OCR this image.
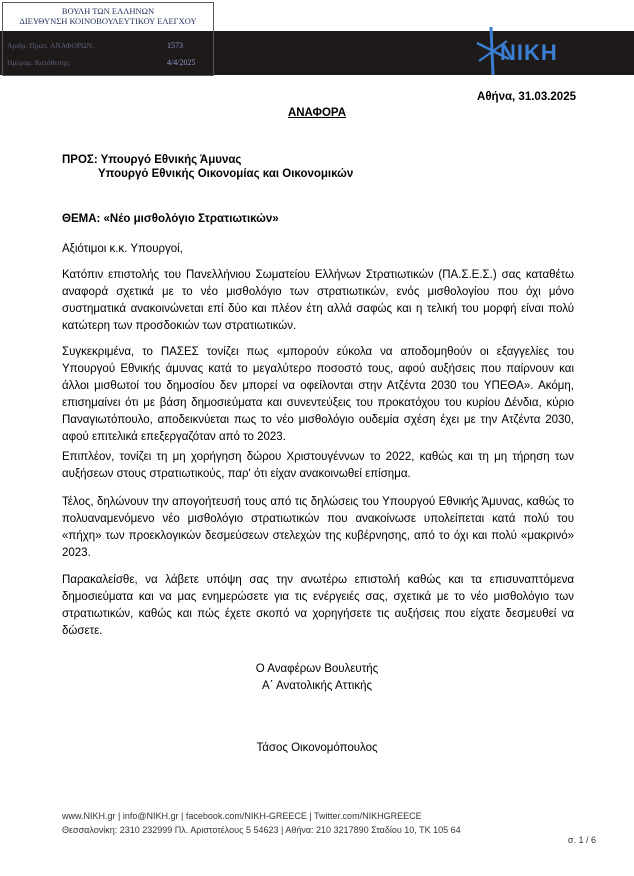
ΒΟΥΛΗ ΤΩΝ ΕΛΛΗΝΩΝ
ΔΙΕΥΘΥΝΣΗ ΚΟΙΝΟΒΟΥΛΕΥΤΙΚΟΥ ΕΛΕΓΧΟΥ
Αριθμ. Πρωτ. ΑΝΑΦΟΡΩΝ:	1573
Ημερομ. Κατάθεσης:	4/4/2025	NIKH
Αθήνα, 31.03.2025
ΑΝΑΦΟΡΑ
ΠΡΟΣ: Υπουργό Εθνικής Άμυνας
Υπουργό Εθνικής Οικονομίας και Οικονομικών
ΘΕΜΑ: «Νέο μισθολόγιο Στρατιωτικών»
Αξιότιμοι κ.κ. Υπουργοί,
Κατόπιν επιστολής του Πανελλήνιου Σωματείου Ελλήνων Στρατιωτικών (ΠΑ.Σ.Ε.Σ.) σας καταθέτω αναφορά σχετικά με το νέο μισθολόγιο των στρατιωτικών, ενός μισθολογίου που όχι μόνο συστηματικά ανακοινώνεται επί δύο και πλέον έτη αλλά σαφώς και η τελική του μορφή είναι πολύ κατώτερη των προσδοκιών των στρατιωτικών.
Συγκεκριμένα, το ΠΑΣΕΣ τονίζει πως «μπορούν εύκολα να αποδομηθούν οι εξαγγελίες του Υπουργού Εθνικής άμυνας κατά το μεγαλύτερο ποσοστό τους, αφού αυξήσεις που παίρνουν και άλλοι μισθωτοί του δημοσίου δεν μπορεί να οφείλονται στην Ατζέντα 2030 του ΥΠΕΘΑ». Ακόμη, επισημαίνει ότι με βάση δημοσιεύματα και συνεντεύξεις του προκατόχου του κυρίου Δένδια, κύριο Παναγιωτόπουλο, αποδεικνύεται πως το νέο μισθολόγιο ουδεμία σχέση έχει με την Ατζέντα 2030, αφού επιτελικά επεξεργαζόταν από το 2023.
Επιπλέον, τονίζει τη μη χορήγηση δώρου Χριστουγέννων το 2022, καθώς και τη μη τήρηση των αυξήσεων στους στρατιωτικούς, παρ' ότι είχαν ανακοινωθεί επίσημα.
Τέλος, δηλώνουν την απογοήτευσή τους από τις δηλώσεις του Υπουργού Εθνικής Άμυνας, καθώς το πολυαναμενόμενο νέο μισθολόγιο στρατιωτικών που ανακοίνωσε υπολείπεται κατά πολύ του «πήχη» των προεκλογικών δεσμεύσεων στελεχών της κυβέρνησης, από το όχι και πολύ «μακρινό» 2023.
Παρακαλείσθε, να λάβετε υπόψη σας την ανωτέρω επιστολή καθώς και τα επισυναπτόμενα δημοσιεύματα και να μας ενημερώσετε για τις ενέργειές σας, σχετικά με το νέο μισθολόγιο των στρατιωτικών, καθώς και πώς έχετε σκοπό να χορηγήσετε τις αυξήσεις που είχατε δεσμευθεί να δώσετε.
Ο Αναφέρων Βουλευτής
Α΄ Ανατολικής Αττικής
Τάσος Οικονομόπουλος
www.NIKH.gr | info@NIKH.gr | facebook.com/NIKH-GREECE | Twitter.com/NIKHGREECE
Θεσσαλονίκη: 2310 232999 Πλ. Αριστοτέλους 5 54623 | Αθήνα: 210 3217890 Σταδίου 10, ΤΚ 105 64
σ. 1 / 6
